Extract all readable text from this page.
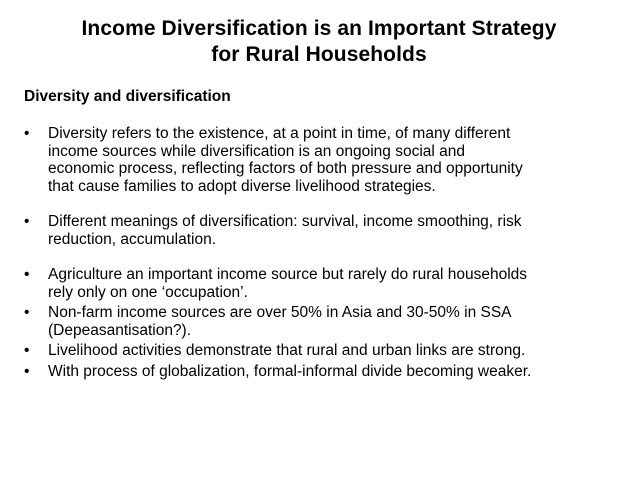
Income Diversification is an Important Strategy
for Rural Households
Diversity and diversification
•	Diversity refers to the existence, at a point in time, of many different
income sources while diversification is an ongoing social and
economic process, reflecting factors of both pressure and opportunity
that cause families to adopt diverse livelihood strategies.
•	Different meanings of diversification: survival, income smoothing, risk
reduction, accumulation.
•	Agriculture an important income source but rarely do rural households
rely only on one ‘occupation’.
•	Non-farm income sources are over 50% in Asia and 30-50% in SSA
(Depeasantisation?).
•	Livelihood activities demonstrate that rural and urban links are strong.
•	With process of globalization, formal-informal divide becoming weaker.
